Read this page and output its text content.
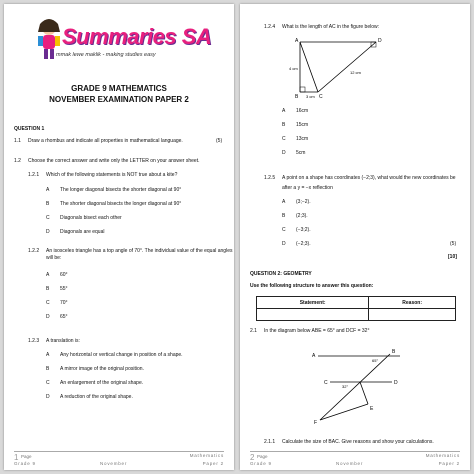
Summaries SA
mmak lewe maklik - making studies easy
GRADE 9 MATHEMATICS
NOVEMBER EXAMINATION PAPER 2
QUESTION 1
1.1 Draw a rhombus and indicate all properties in mathematical language.	(5)
1.2 Choose the correct answer and write only the LETTER on your answer sheet.
1.2.1 Which of the following statements is NOT true about a kite?
A The longer diagonal bisects the shorter diagonal at 90°
B The shorter diagonal bisects the longer diagonal at 90°
C Diagonals bisect each other
D Diagonals are equal
1.2.2 An isosceles triangle has a top angle of 70°. The individual value of the equal angles
will be:
A 60°
B 55°
C 70°
D 65°
1.2.3 A translation is:
A Any horizontal or vertical change in position of a shape.
B A mirror image of the original position.
C An enlargement of the original shape.
D A reduction of the original shape.
1 Page
Grade 9	November
Mathematics
Paper 2
1.2.4 What is the length of AC in the figure below:
A	D
B	C
4 cm
3 cm
12 cm
A 16cm
B 15cm
C 13cm
D 5cm
1.2.5 A point on a shape has coordinates (−2;3), what would the new coordinates be
after a y = −x reflection
A (3;−2).
B (2;3).
C (−3;2).
D (−2;3).	(5)
[10]
QUESTION 2: GEOMETRY
Use the following structure to answer this question:
Statement:	Reason:

2.1 In the diagram below ABE = 65° and DCF = 32°
A
B
C	D
E
F
65°
32°
2.1.1 Calculate the size of BAC. Give reasons and show your calculations.
2 Page
Grade 9	November
Mathematics
Paper 2
